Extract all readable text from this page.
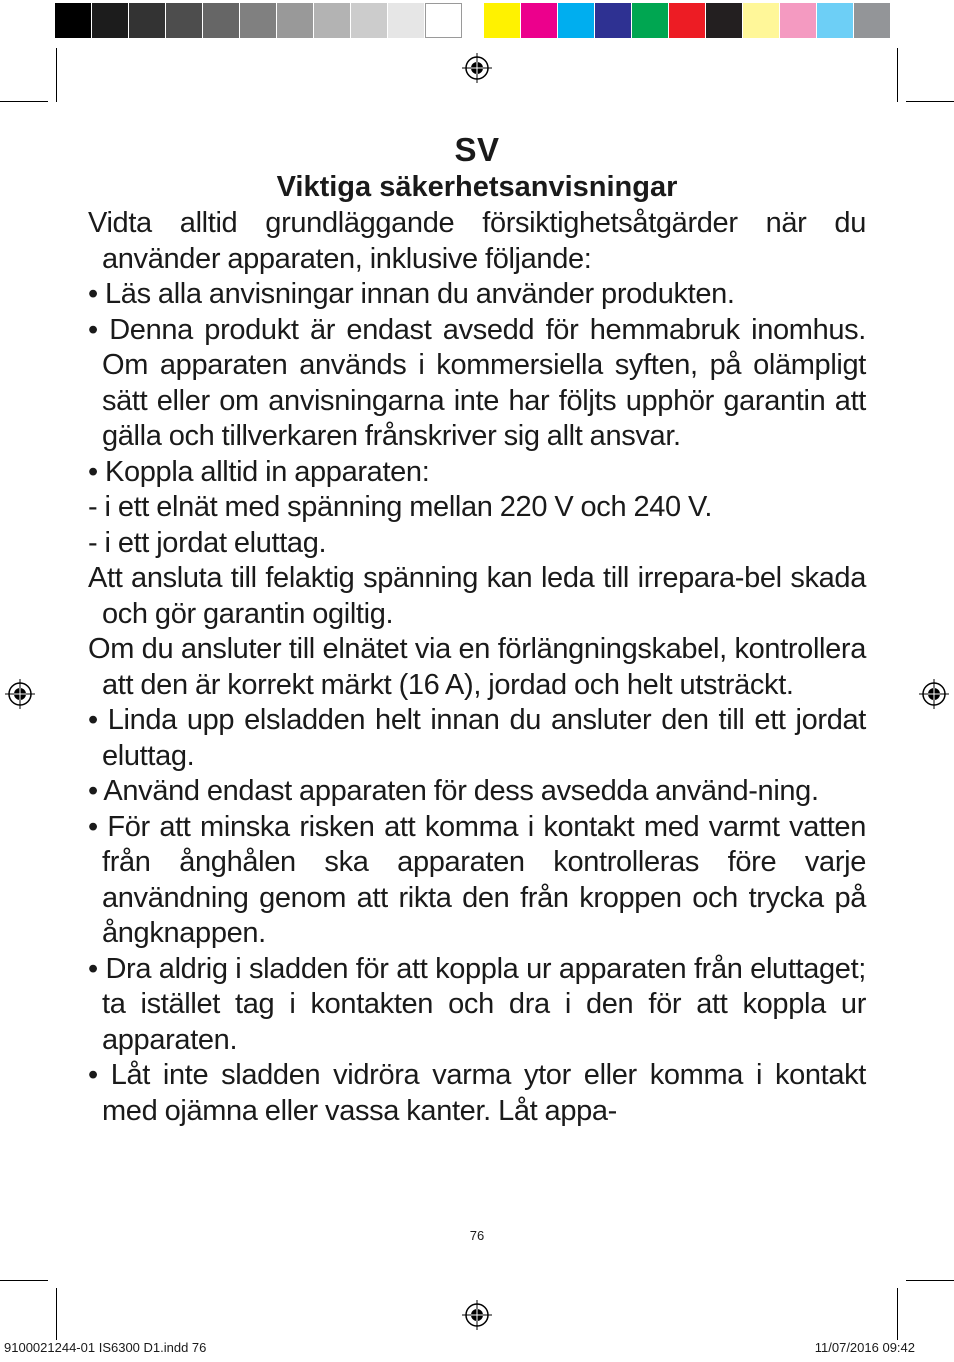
SV
Viktiga säkerhetsanvisningar

Vidta alltid grundläggande försiktighetsåtgärder när du använder apparaten, inklusive följande:

• Läs alla anvisningar innan du använder produkten.

• Denna produkt är endast avsedd för hemmabruk inomhus. Om apparaten används i kommersiella syften, på olämpligt sätt eller om anvisningarna inte har följts upphör garantin att gälla och tillverkaren frånskriver sig allt ansvar.

• Koppla alltid in apparaten:

- i ett elnät med spänning mellan 220 V och 240 V.

- i ett jordat eluttag.

Att ansluta till felaktig spänning kan leda till irrepara-bel skada och gör garantin ogiltig.

Om du ansluter till elnätet via en förlängningskabel, kontrollera att den är korrekt märkt (16 A), jordad och helt utsträckt.

• Linda upp elsladden helt innan du ansluter den till ett jordat eluttag.

• Använd endast apparaten för dess avsedda använd-ning.

• För att minska risken att komma i kontakt med varmt vatten från ånghålen ska apparaten kontrolleras före varje användning genom att rikta den från kroppen och trycka på ångknappen.

• Dra aldrig i sladden för att koppla ur apparaten från eluttaget; ta istället tag i kontakten och dra i den för att koppla ur apparaten.

• Låt inte sladden vidröra varma ytor eller komma i kontakt med ojämna eller vassa kanter. Låt appa-

76
9100021244-01 IS6300 D1.indd 76	11/07/2016 09:42
